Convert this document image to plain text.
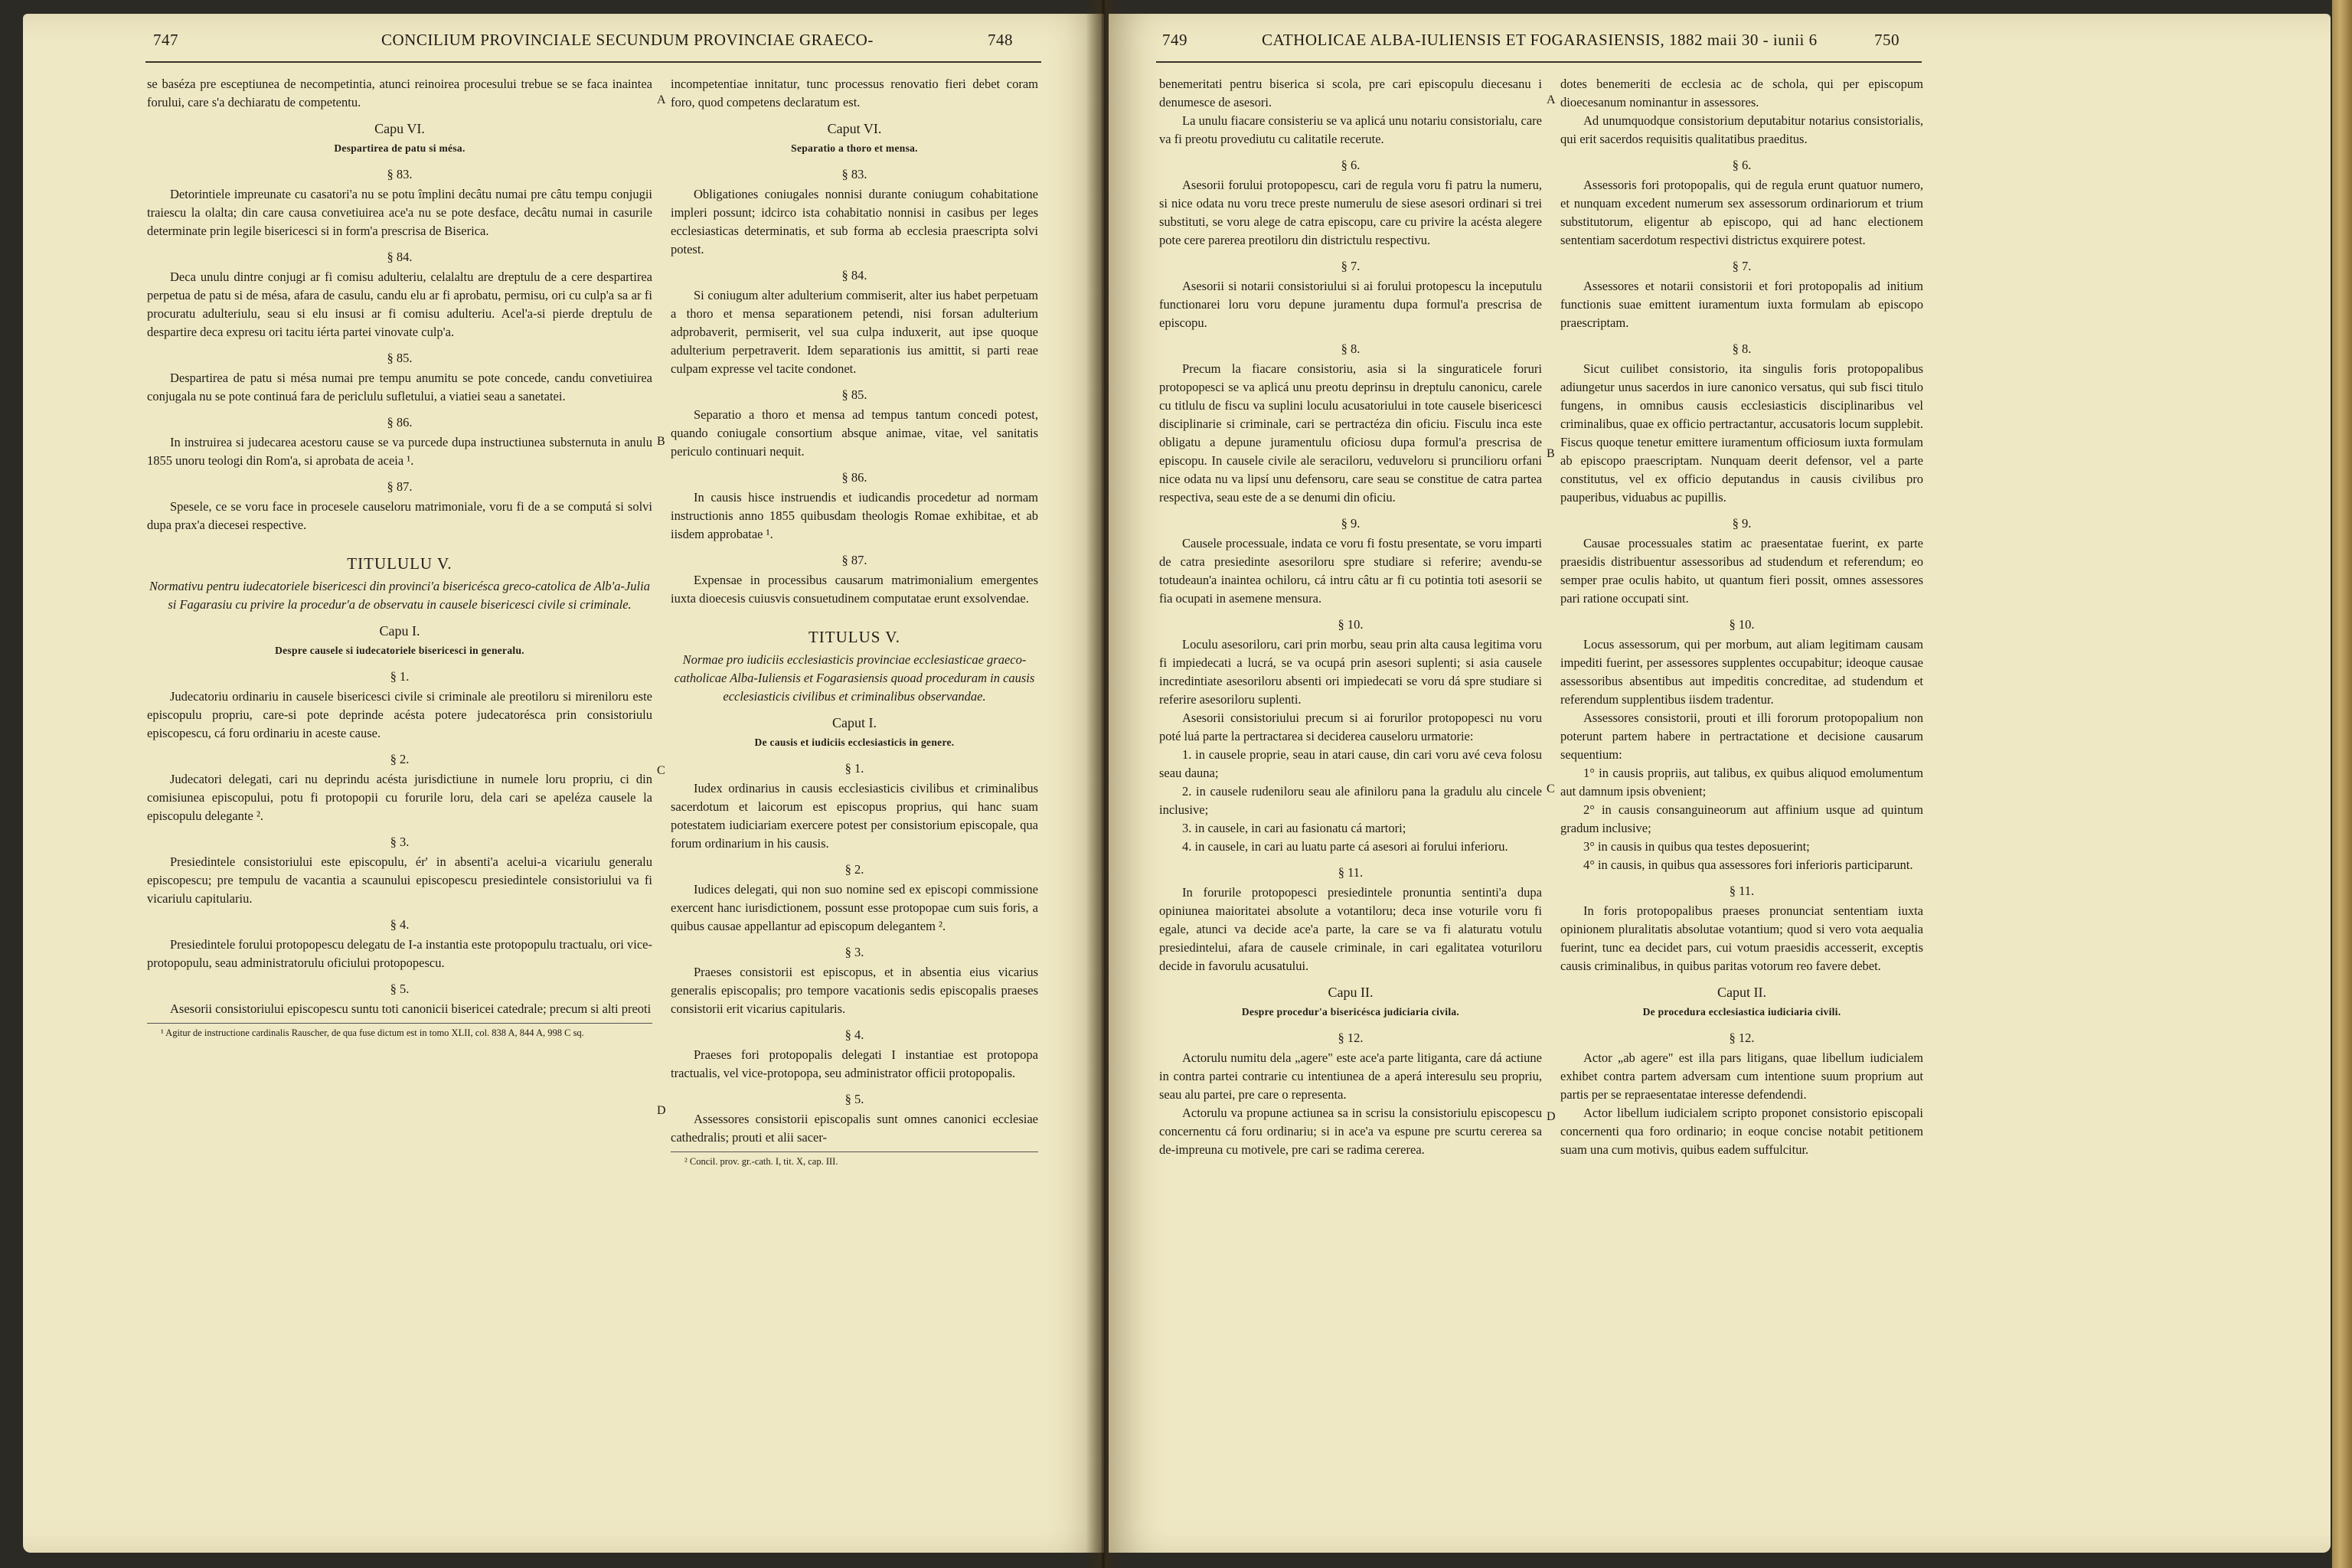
747	CONCILIUM PROVINCIALE SECUNDUM PROVINCIAE GRAECO-	748

se baséza pre esceptiunea de necompetintia, atunci reinoirea procesului trebue se se faca inaintea forului, care s'a dechiaratu de competentu.

Capu VI.
Despartirea de patu si mésa.
§ 83.

Detorintiele impreunate cu casatori'a nu se potu împlini decâtu numai pre câtu tempu conjugii traiescu la olalta; din care causa convetiuirea ace'a nu se pote desface, decâtu numai in casurile determinate prin legile bisericesci si in form'a prescrisa de Biserica.

§ 84.

Deca unulu dintre conjugi ar fi comisu adulteriu, celalaltu are dreptulu de a cere despartirea perpetua de patu si de mésa, afara de casulu, candu elu ar fi aprobatu, permisu, ori cu culp'a sa ar fi procuratu adulteriulu, seau si elu insusi ar fi comisu adulteriu. Acel'a-si pierde dreptulu de despartire deca expresu ori tacitu iérta partei vinovate culp'a.

§ 85.

Despartirea de patu si mésa numai pre tempu anumitu se pote concede, candu convetiuirea conjugala nu se pote continuá fara de periclulu sufletului, a viatiei seau a sanetatei.

§ 86.

In instruirea si judecarea acestoru cause se va purcede dupa instructiunea substernuta in anulu 1855 unoru teologi din Rom'a, si aprobata de aceia ¹.

§ 87.

Spesele, ce se voru face in procesele causeloru matrimoniale, voru fi de a se computá si solvi dupa prax'a diecesei respective.

TITULULU V.

Normativu pentru iudecatoriele bisericesci din provinci'a bisericésca greco-catolica de Alb'a-Julia si Fagarasiu cu privire la procedur'a de observatu in causele bisericesci civile si criminale.

Capu I.
Despre causele si iudecatoriele bisericesci in generalu.
§ 1.

Judecatoriu ordinariu in causele bisericesci civile si criminale ale preotiloru si mireniloru este episcopulu propriu, care-si pote deprinde acésta potere judecatorésca prin consistoriulu episcopescu, cá foru ordinariu in aceste cause.

§ 2.

Judecatori delegati, cari nu deprindu acésta jurisdictiune in numele loru propriu, ci din comisiunea episcopului, potu fi protopopii cu forurile loru, dela cari se apeléza causele la episcopulu delegante ².

§ 3.

Presiedintele consistoriului este episcopulu, ér' in absenti'a acelui-a vicariulu generalu episcopescu; pre tempulu de vacantia a scaunului episcopescu presiedintele consistoriului va fi vicariulu capitulariu.

§ 4.

Presiedintele forului protopopescu delegatu de I-a instantia este protopopulu tractualu, ori vice-protopopulu, seau administratorulu oficiului protopopescu.

§ 5.

Asesorii consistoriului episcopescu suntu toti canonicii bisericei catedrale; precum si alti preoti

¹ Agitur de instructione cardinalis Rauscher, de qua fuse dictum est in tomo XLII, col. 838 A, 844 A, 998 C sq.

incompetentiae innitatur, tunc processus renovatio fieri debet coram foro, quod competens declaratum est.

Caput VI.
Separatio a thoro et mensa.
§ 83.

Obligationes coniugales nonnisi durante coniugum cohabitatione impleri possunt; idcirco ista cohabitatio nonnisi in casibus per leges ecclesiasticas determinatis, et sub forma ab ecclesia praescripta solvi potest.

§ 84.

Si coniugum alter adulterium commiserit, alter ius habet perpetuam a thoro et mensa separationem petendi, nisi forsan adulterium adprobaverit, permiserit, vel sua culpa induxerit, aut ipse quoque adulterium perpetraverit. Idem separationis ius amittit, si parti reae culpam expresse vel tacite condonet.

§ 85.

Separatio a thoro et mensa ad tempus tantum concedi potest, quando coniugale consortium absque animae, vitae, vel sanitatis periculo continuari nequit.

§ 86.

In causis hisce instruendis et iudicandis procedetur ad normam instructionis anno 1855 quibusdam theologis Romae exhibitae, et ab iisdem approbatae ¹.

§ 87.

Expensae in processibus causarum matrimonialium emergentes iuxta dioecesis cuiusvis consuetudinem computatae erunt exsolvendae.

TITULUS V.

Normae pro iudiciis ecclesiasticis provinciae ecclesiasticae graeco-catholicae Alba-Iuliensis et Fogarasiensis quoad proceduram in causis ecclesiasticis civilibus et criminalibus observandae.

Caput I.
De causis et iudiciis ecclesiasticis in genere.
§ 1.

Iudex ordinarius in causis ecclesiasticis civilibus et criminalibus sacerdotum et laicorum est episcopus proprius, qui hanc suam potestatem iudiciariam exercere potest per consistorium episcopale, qua forum ordinarium in his causis.

§ 2.

Iudices delegati, qui non suo nomine sed ex episcopi commissione exercent hanc iurisdictionem, possunt esse protopopae cum suis foris, a quibus causae appellantur ad episcopum delegantem ².

§ 3.

Praeses consistorii est episcopus, et in absentia eius vicarius generalis episcopalis; pro tempore vacationis sedis episcopalis praeses consistorii erit vicarius capitularis.

§ 4.

Praeses fori protopopalis delegati I instantiae est protopopa tractualis, vel vice-protopopa, seu administrator officii protopopalis.

§ 5.

Assessores consistorii episcopalis sunt omnes canonici ecclesiae cathedralis; prouti et alii sacer-

² Concil. prov. gr.-cath. I, tit. X, cap. III.

A
B
C
D
749	CATHOLICAE ALBA-IULIENSIS ET FOGARASIENSIS, 1882 maii 30 - iunii 6	750

benemeritati pentru biserica si scola, pre cari episcopulu diecesanu i denumesce de asesori.

La unulu fiacare consisteriu se va aplicá unu notariu consistorialu, care va fi preotu provediutu cu calitatile recerute.

§ 6.

Asesorii forului protopopescu, cari de regula voru fi patru la numeru, si nice odata nu voru trece preste numerulu de siese asesori ordinari si trei substituti, se voru alege de catra episcopu, care cu privire la acésta alegere pote cere parerea preotiloru din districtulu respectivu.

§ 7.

Asesorii si notarii consistoriului si ai forului protopescu la inceputulu functionarei loru voru depune juramentu dupa formul'a prescrisa de episcopu.

§ 8.

Precum la fiacare consistoriu, asia si la singuraticele foruri protopopesci se va aplicá unu preotu deprinsu in dreptulu canonicu, carele cu titlulu de fiscu va suplini loculu acusatoriului in tote causele bisericesci disciplinarie si criminale, cari se pertractéza din oficiu. Fisculu inca este obligatu a depune juramentulu oficiosu dupa formul'a prescrisa de episcopu. In causele civile ale seraciloru, veduveloru si pruncilioru orfani nice odata nu va lipsí unu defensoru, care seau se constitue de catra partea respectiva, seau este de a se denumi din oficiu.

§ 9.

Causele processuale, indata ce voru fi fostu presentate, se voru imparti de catra presiedinte asesoriloru spre studiare si referire; avendu-se totudeaun'a inaintea ochiloru, cá intru câtu ar fi cu potintia toti asesorii se fia ocupati in asemene mensura.

§ 10.

Loculu asesoriloru, cari prin morbu, seau prin alta causa legitima voru fi impiedecati a lucrá, se va ocupá prin asesori suplenti; si asia causele incredintiate asesoriloru absenti ori impiedecati se voru dá spre studiare si referire asesoriloru suplenti.

Asesorii consistoriului precum si ai forurilor protopopesci nu voru poté luá parte la pertractarea si deciderea causeloru urmatorie:

1. in causele proprie, seau in atari cause, din cari voru avé ceva folosu seau dauna;

2. in causele rudeniloru seau ale afiniloru pana la gradulu alu cincele inclusive;

3. in causele, in cari au fasionatu cá martori;

4. in causele, in cari au luatu parte cá asesori ai forului inferioru.

§ 11.

In forurile protopopesci presiedintele pronuntia sentinti'a dupa opiniunea maioritatei absolute a votantiloru; deca inse voturile voru fi egale, atunci va decide ace'a parte, la care se va fi alaturatu votulu presiedintelui, afara de causele criminale, in cari egalitatea voturiloru decide in favorulu acusatului.

Capu II.
Despre procedur'a bisericésca judiciaria civila.
§ 12.

Actorulu numitu dela „agere" este ace'a parte litiganta, care dá actiune in contra partei contrarie cu intentiunea de a aperá interesulu seu propriu, seau alu partei, pre care o representa.

Actorulu va propune actiunea sa in scrisu la consistoriulu episcopescu concernentu cá foru ordinariu; si in ace'a va espune pre scurtu cererea sa de-impreuna cu motivele, pre cari se radima cererea.

dotes benemeriti de ecclesia ac de schola, qui per episcopum dioecesanum nominantur in assessores.

Ad unumquodque consistorium deputabitur notarius consistorialis, qui erit sacerdos requisitis qualitatibus praeditus.

§ 6.

Assessoris fori protopopalis, qui de regula erunt quatuor numero, et nunquam excedent numerum sex assessorum ordinariorum et trium substitutorum, eligentur ab episcopo, qui ad hanc electionem sententiam sacerdotum respectivi districtus exquirere potest.

§ 7.

Assessores et notarii consistorii et fori protopopalis ad initium functionis suae emittent iuramentum iuxta formulam ab episcopo praescriptam.

§ 8.

Sicut cuilibet consistorio, ita singulis foris protopopalibus adiungetur unus sacerdos in iure canonico versatus, qui sub fisci titulo fungens, in omnibus causis ecclesiasticis disciplinaribus vel criminalibus, quae ex officio pertractantur, accusatoris locum supplebit. Fiscus quoque tenetur emittere iuramentum officiosum iuxta formulam ab episcopo praescriptam. Nunquam deerit defensor, vel a parte constitutus, vel ex officio deputandus in causis civilibus pro pauperibus, viduabus ac pupillis.

§ 9.

Causae processuales statim ac praesentatae fuerint, ex parte praesidis distribuentur assessoribus ad studendum et referendum; eo semper prae oculis habito, ut quantum fieri possit, omnes assessores pari ratione occupati sint.

§ 10.

Locus assessorum, qui per morbum, aut aliam legitimam causam impediti fuerint, per assessores supplentes occupabitur; ideoque causae assessoribus absentibus aut impeditis concreditae, ad studendum et referendum supplentibus iisdem tradentur.

Assessores consistorii, prouti et illi fororum protopopalium non poterunt partem habere in pertractatione et decisione causarum sequentium:

1° in causis propriis, aut talibus, ex quibus aliquod emolumentum aut damnum ipsis obvenient;

2° in causis consanguineorum aut affinium usque ad quintum gradum inclusive;

3° in causis in quibus qua testes deposuerint;

4° in causis, in quibus qua assessores fori inferioris participarunt.

§ 11.

In foris protopopalibus praeses pronunciat sententiam iuxta opinionem pluralitatis absolutae votantium; quod si vero vota aequalia fuerint, tunc ea decidet pars, cui votum praesidis accesserit, exceptis causis criminalibus, in quibus paritas votorum reo favere debet.

Caput II.
De procedura ecclesiastica iudiciaria civili.
§ 12.

Actor „ab agere" est illa pars litigans, quae libellum iudicialem exhibet contra partem adversam cum intentione suum proprium aut partis per se repraesentatae interesse defendendi.

Actor libellum iudicialem scripto proponet consistorio episcopali concernenti qua foro ordinario; in eoque concise notabit petitionem suam una cum motivis, quibus eadem suffulcitur.

A
B
C
D
